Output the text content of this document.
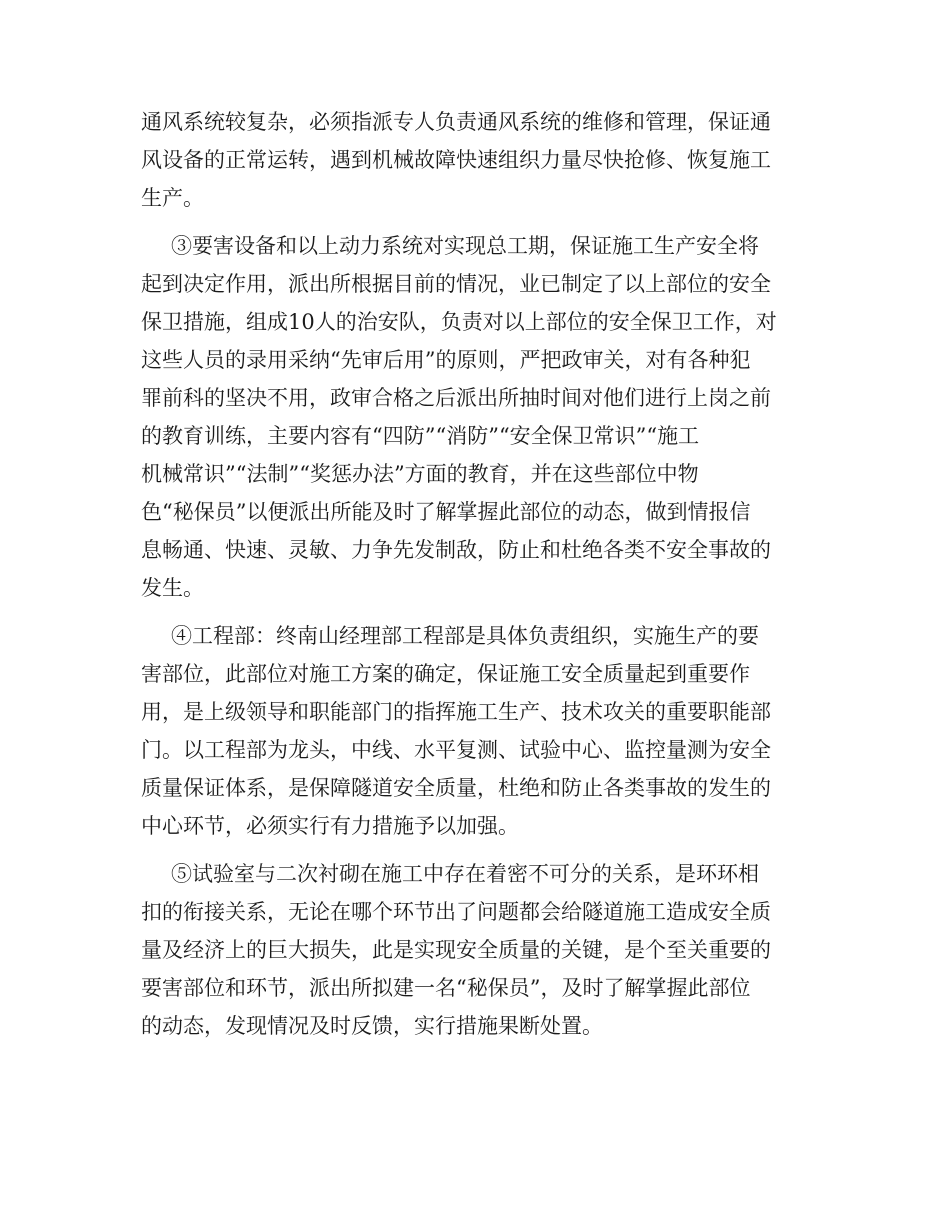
通风系统较复杂，必须指派专人负责通风系统的维修和管理，保证通
风设备的正常运转，遇到机械故障快速组织力量尽快抢修、恢复施工
生产。
③要害设备和以上动力系统对实现总工期，保证施工生产安全将
起到决定作用，派出所根据目前的情况，业已制定了以上部位的安全
保卫措施，组成10人的治安队，负责对以上部位的安全保卫工作，对
这些人员的录用采纳“先审后用”的原则，严把政审关，对有各种犯
罪前科的坚决不用，政审合格之后派出所抽时间对他们进行上岗之前
的教育训练，主要内容有“四防”“消防”“安全保卫常识”“施工
机械常识”“法制”“奖惩办法”方面的教育，并在这些部位中物
色“秘保员”以便派出所能及时了解掌握此部位的动态，做到情报信
息畅通、快速、灵敏、力争先发制敌，防止和杜绝各类不安全事故的
发生。
④工程部：终南山经理部工程部是具体负责组织，实施生产的要
害部位，此部位对施工方案的确定，保证施工安全质量起到重要作
用，是上级领导和职能部门的指挥施工生产、技术攻关的重要职能部
门。以工程部为龙头，中线、水平复测、试验中心、监控量测为安全
质量保证体系，是保障隧道安全质量，杜绝和防止各类事故的发生的
中心环节，必须实行有力措施予以加强。
⑤试验室与二次衬砌在施工中存在着密不可分的关系，是环环相
扣的衔接关系，无论在哪个环节出了问题都会给隧道施工造成安全质
量及经济上的巨大损失，此是实现安全质量的关键，是个至关重要的
要害部位和环节，派出所拟建一名“秘保员”，及时了解掌握此部位
的动态，发现情况及时反馈，实行措施果断处置。
